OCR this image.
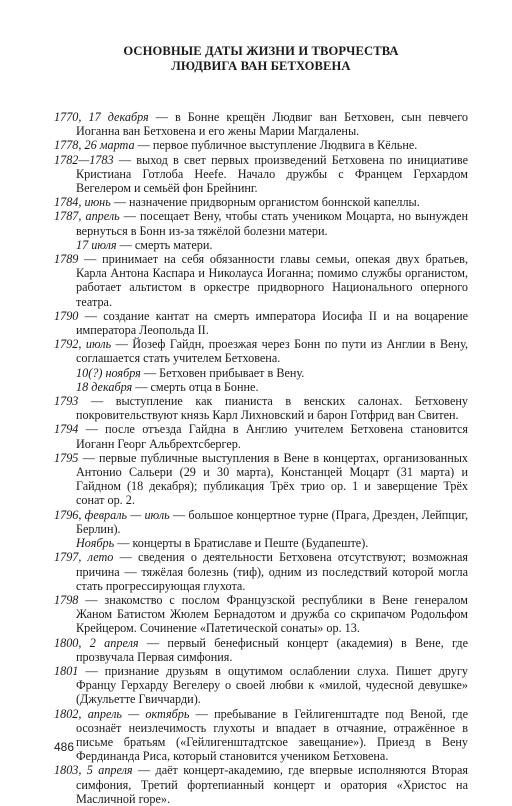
ОСНОВНЫЕ ДАТЫ ЖИЗНИ И ТВОРЧЕСТВА
ЛЮДВИГА ВАН БЕТХОВЕНА

1770, 17 декабря — в Бонне крещён Людвиг ван Бетховен, сын певчего Иоганна ван Бетховена и его жены Марии Магдалены.

1778, 26 марта — первое публичное выступление Людвига в Кёльне.

1782—1783 — выход в свет первых произведений Бетховена по инициативе Кристиана Готлоба Нееfe. Начало дружбы с Францем Герхардом Вегелером и семьёй фон Брейнинг.

1784, июнь — назначение придворным органистом боннской капеллы.

1787, апрель — посещает Вену, чтобы стать учеником Моцарта, но вынужден вернуться в Бонн из-за тяжёлой болезни матери.

17 июля — смерть матери.

1789 — принимает на себя обязанности главы семьи, опекая двух братьев, Карла Антона Каспара и Николауса Иоганна; помимо службы органистом, работает альтистом в оркестре придворного Национального оперного театра.

1790 — создание кантат на смерть императора Иосифа II и на воцарение императора Леопольда II.

1792, июль — Йозеф Гайдн, проезжая через Бонн по пути из Англии в Вену, соглашается стать учителем Бетховена.

10(?) ноября — Бетховен прибывает в Вену.

18 декабря — смерть отца в Бонне.

1793 — выступление как пианиста в венских салонах. Бетховену покровительствуют князь Карл Лихновский и барон Готфрид ван Свитен.

1794 — после отъезда Гайдна в Англию учителем Бетховена становится Иоганн Георг Альбрехтсбергер.

1795 — первые публичные выступления в Вене в концертах, организованных Антонио Сальери (29 и 30 марта), Констанцей Моцарт (31 марта) и Гайдном (18 декабря); публикация Трёх трио ор. 1 и заверщение Трёх сонат ор. 2.

1796, февраль — июль — большое концертное турне (Прага, Дрезден, Лейпциг, Берлин).

Ноябрь — концерты в Братиславе и Пеште (Будапеште).

1797, лето — сведения о деятельности Бетховена отсутствуют; возможная причина — тяжёлая болезнь (тиф), одним из последствий которой могла стать прогрессирующая глухота.

1798 — знакомство с послом Французской республики в Вене генералом Жаном Батистом Жюлем Бернадотом и дружба со скрипачом Родольфом Крейцером. Сочинение «Патетической сонаты» ор. 13.

1800, 2 апреля — первый бенефисный концерт (академия) в Вене, где прозвучала Первая симфония.

1801 — признание друзьям в ощутимом ослаблении слуха. Пишет другу Францу Герхарду Вегелеру о своей любви к «милой, чудесной девушке» (Джульетте Гвиччарди).

1802, апрель — октябрь — пребывание в Гейлигенштадте под Веной, где осознаёт неизлечимость глухоты и впадает в отчаяние, отражённое в письме братьям («Гейлигенштадтское завещание»). Приезд в Вену Фердинанда Риса, который становится учеником Бетховена.

1803, 5 апреля — даёт концерт-академию, где впервые исполняются Вторая симфония, Третий фортепианный концерт и оратория «Христос на Масличной горе».

486
